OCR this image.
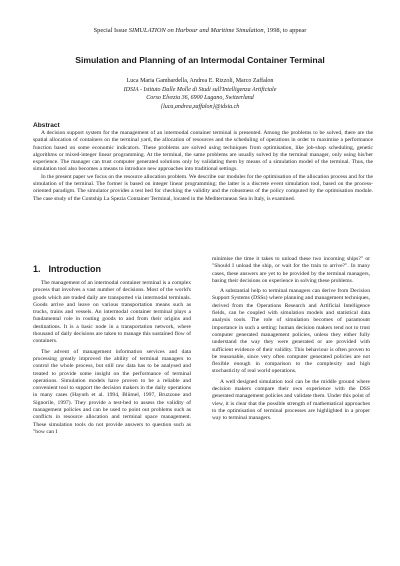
Special Issue SIMULATION on Harbour and Maritime Simulation, 1998, to appear
Simulation and Planning of an Intermodal Container Terminal
Luca Maria Gambardella, Andrea E. Rizzoli, Marco Zaffalon
IDSIA - Istituto Dalle Molle di Studi sull'Intelligenza Artificiale
Corso Elvezia 36, 6900 Lugano, Switzerland
{luca,andrea,zaffalon}@idsia.ch
Abstract

A decision support system for the management of an intermodal container terminal is presented. Among the problems to be solved, there are the spatial allocation of containers on the terminal yard, the allocation of resources and the scheduling of operations in order to maximise a performance function based on some economic indicators. These problems are solved using techniques from optimisation, like job-shop scheduling, genetic algorithms or mixed-integer linear programming. At the terminal, the same problems are usually solved by the terminal manager, only using his/her experience. The manager can trust computer generated solutions only by validating them by means of a simulation model of the terminal. Thus, the simulation tool also becomes a means to introduce new approaches into traditional settings.

In the present paper we focus on the resource allocation problem. We describe our modules for the optimisation of the allocation process and for the simulation of the terminal. The former is based on integer linear programming; the latter is a discrete event simulation tool, based on the process-oriented paradigm. The simulator provides a test bed for checking the validity and the robustness of the policy computed by the optimisation module. The case study of the Contship La Spezia Container Terminal, located in the Mediterranean Sea in Italy, is examined.

1. Introduction

The management of an intermodal container terminal is a complex process that involves a vast number of decisions. Most of the world's goods which are traded daily are transported via intermodal terminals. Goods arrive and leave on various transportation means such as trucks, trains and vessels. An intermodal container terminal plays a fundamental role in routing goods to and from their origins and destinations. It is a basic node in a transportation network, where thousand of daily decisions are taken to manage this sustained flow of containers.

The advent of management information services and data processing greatly improved the ability of terminal managers to control the whole process, but still raw data has to be analysed and treated to provide some insight on the performance of terminal operations. Simulation models have proven to be a reliable and convenient tool to support the decision makers in the daily operations in many cases (Hayuth et al. 1994, Blümel, 1997, Bruzzone and Signorile, 1997). They provide a test-bed to assess the validity of management policies and can be used to point out problems such as conflicts in resource allocation and terminal space management. These simulation tools do not provide answers to question such as "how can I

minimise the time it takes to unload these two incoming ships?" or "Should I unload the ship, or wait for the train to arrive?". In many cases, these answers are yet to be provided by the terminal managers, basing their decisions on experience in solving these problems.

A substantial help to terminal managers can derive from Decision Support Systems (DSSs) where planning and management techniques, derived from the Operations Research and Artificial Intelligence fields, can be coupled with simulation models and statistical data analysis tools. The role of simulation becomes of paramount importance in such a setting: human decision makers tend not to trust computer generated management policies, unless they either fully understand the way they were generated or are provided with sufficient evidence of their validity. This behaviour is often proven to be reasonable, since very often computer generated policies are not flexible enough in comparison to the complexity and high stochasticity of real world operations.

A well designed simulation tool can be the middle ground where decision makers compare their own experience with the DSS generated management policies and validate them. Under this point of view, it is clear that the possible strength of mathematical approaches to the optimisation of terminal processes are highlighted in a proper way to terminal managers.
